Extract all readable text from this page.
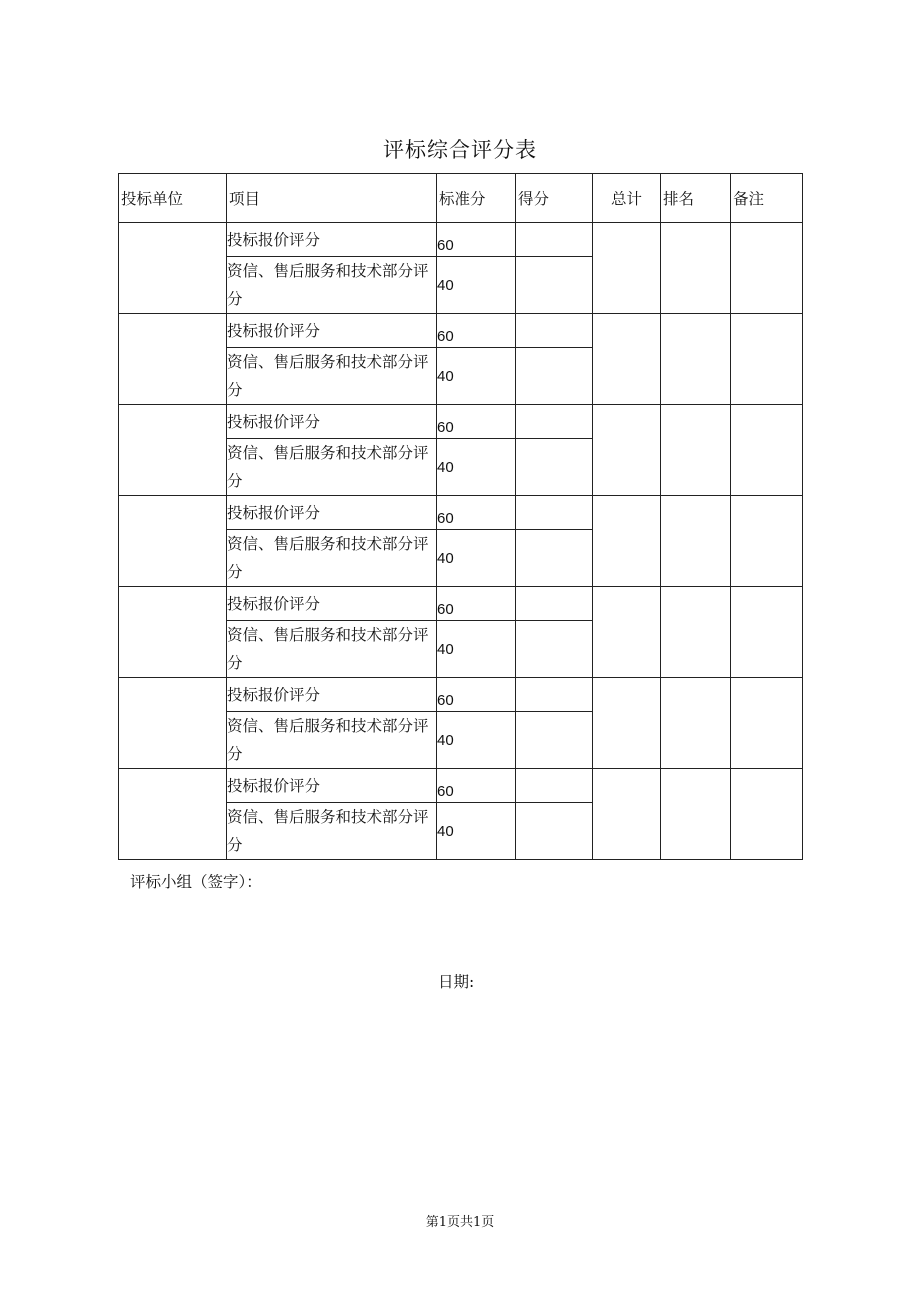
评标综合评分表
投标单位	项目	标准分	得分	总计	排名	备注
	投标报价评分	60				
	资信、售后服务和技术部分评分	40				
	投标报价评分	60				
	资信、售后服务和技术部分评分	40				
	投标报价评分	60				
	资信、售后服务和技术部分评分	40				
	投标报价评分	60				
	资信、售后服务和技术部分评分	40				
	投标报价评分	60				
	资信、售后服务和技术部分评分	40				
	投标报价评分	60				
	资信、售后服务和技术部分评分	40				
	投标报价评分	60				
	资信、售后服务和技术部分评分	40				
评标小组（签字）：
日期:
第1页共1页
